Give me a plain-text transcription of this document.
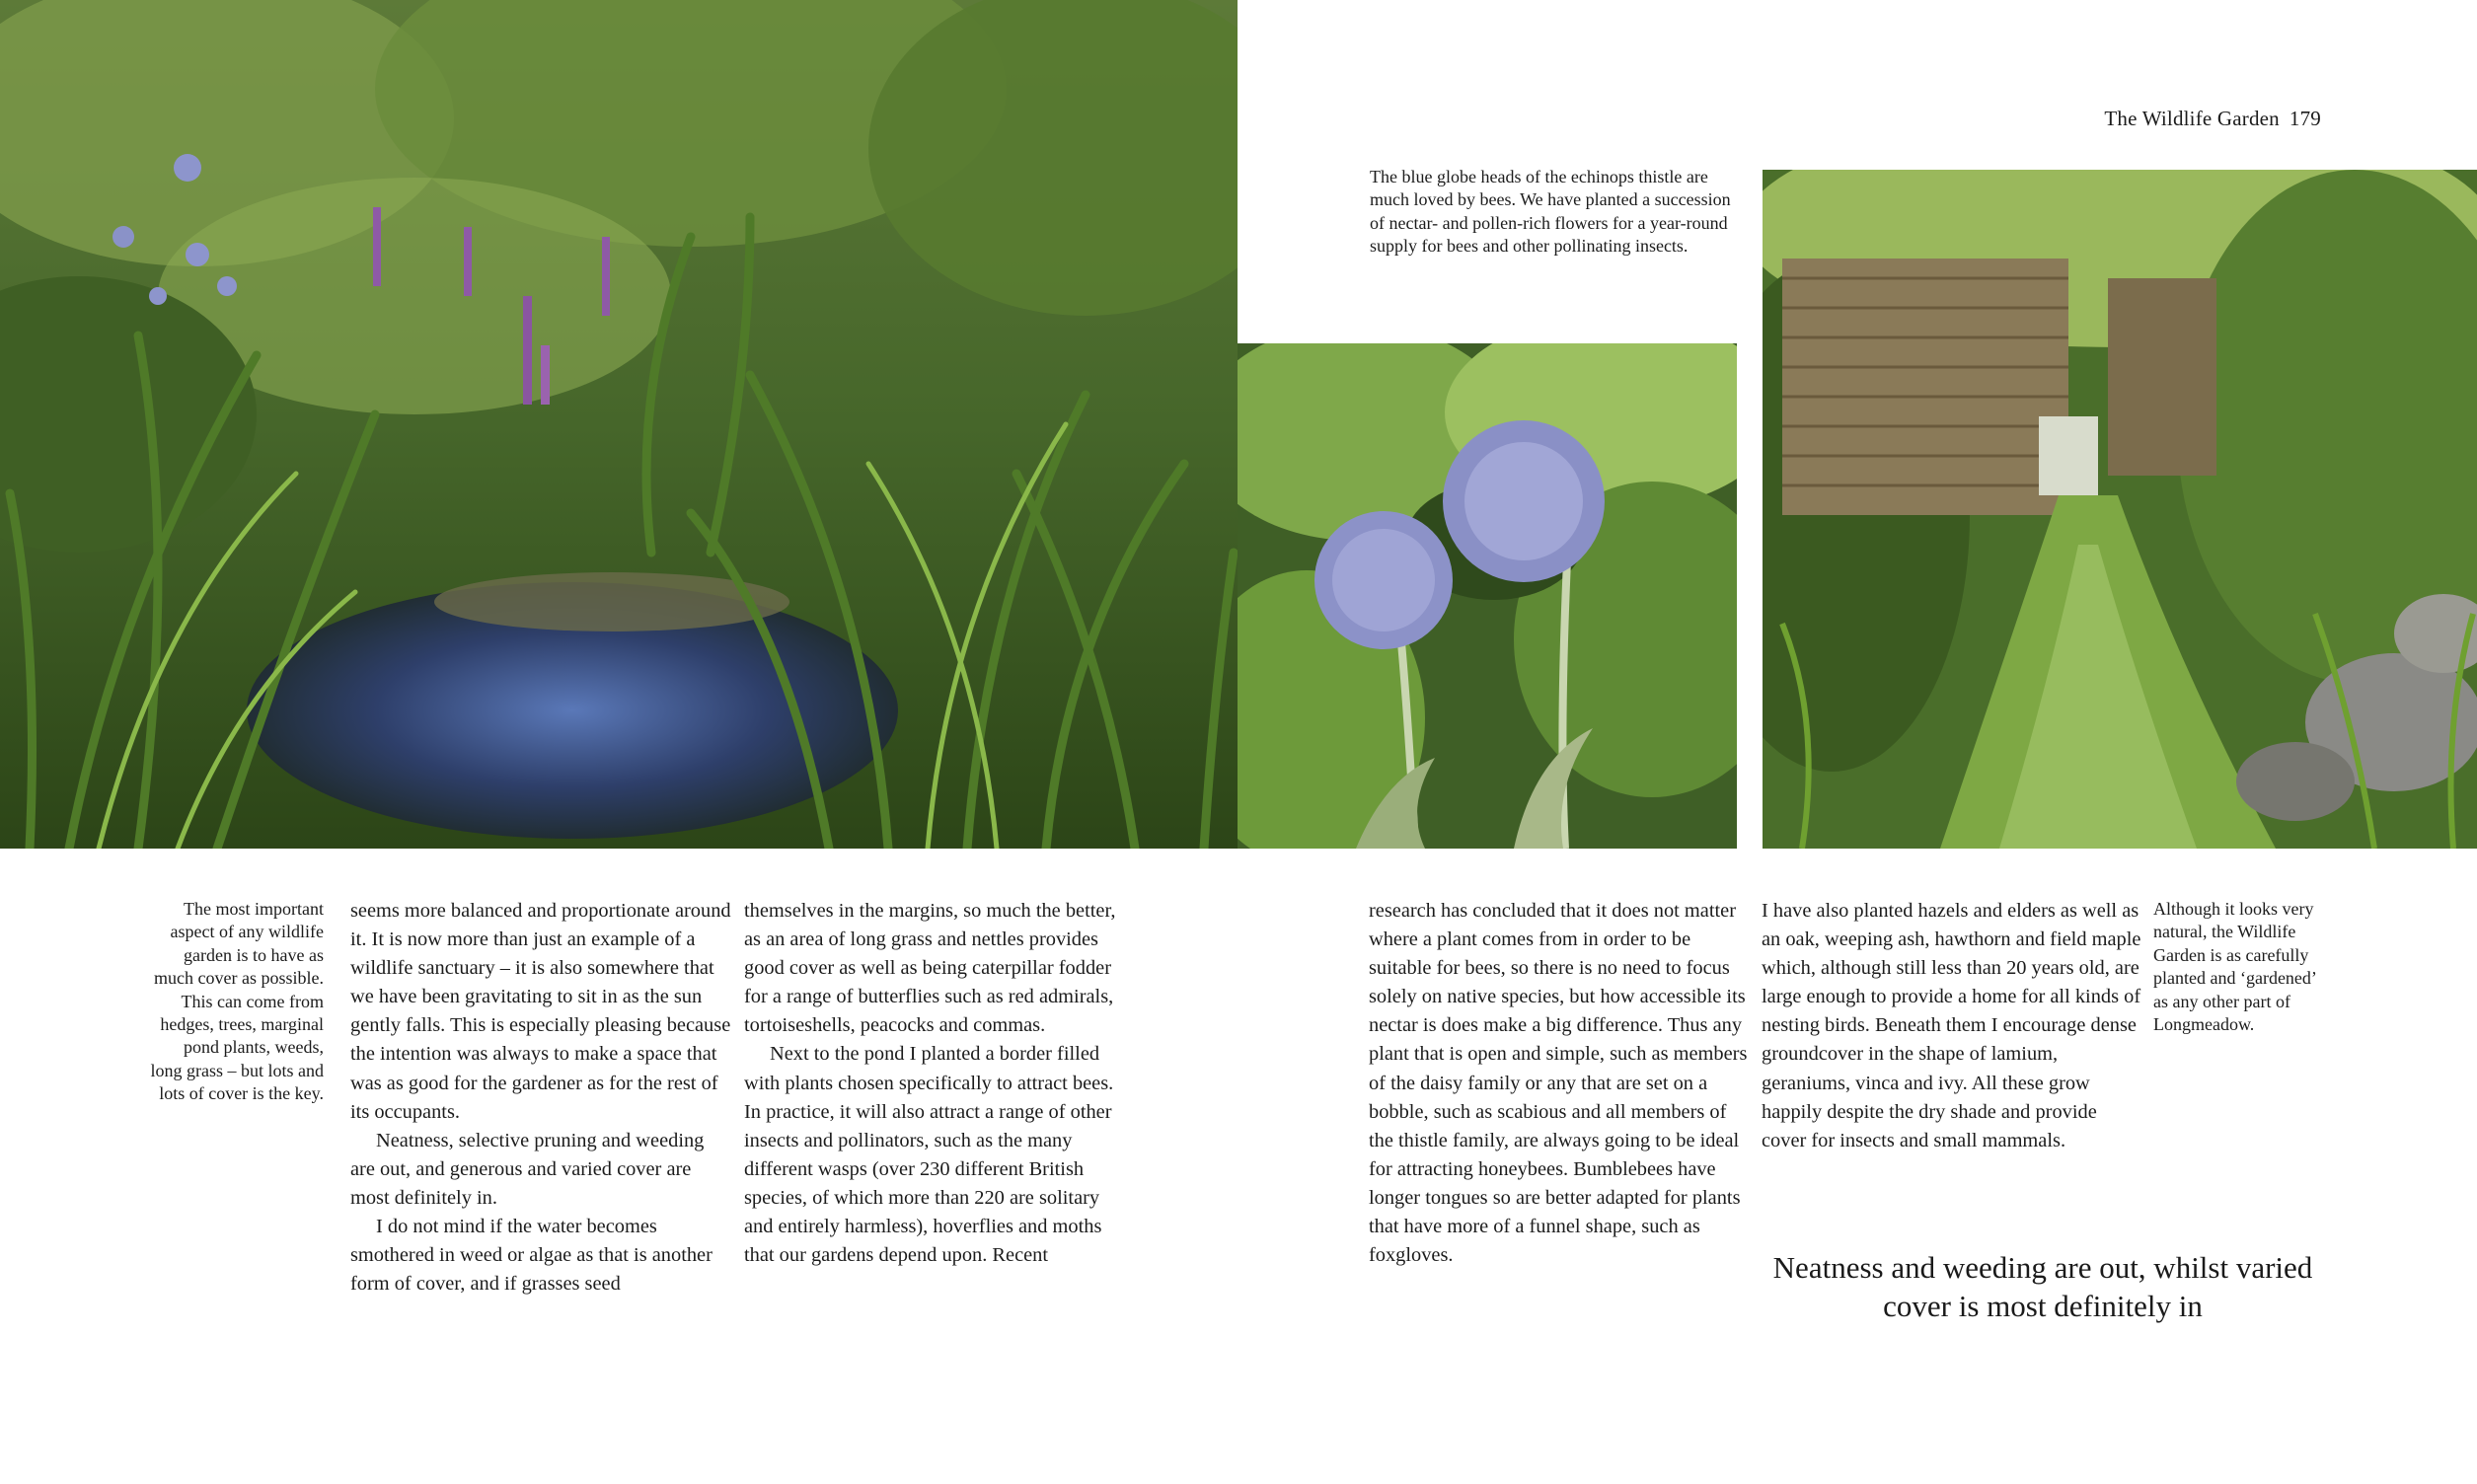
The Wildlife Garden 179
The blue globe heads of the echinops thistle are much loved by bees. We have planted a succession of nectar- and pollen-rich flowers for a year-round supply for bees and other pollinating insects.
The most important aspect of any wildlife garden is to have as much cover as possible. This can come from hedges, trees, marginal pond plants, weeds, long grass – but lots and lots of cover is the key.
Although it looks very natural, the Wildlife Garden is as carefully planted and ‘gardened’ as any other part of Longmeadow.

seems more balanced and proportionate around it. It is now more than just an example of a wildlife sanctuary – it is also somewhere that we have been gravitating to sit in as the sun gently falls. This is especially pleasing because the intention was always to make a space that was as good for the gardener as for the rest of its occupants.

Neatness, selective pruning and weeding are out, and generous and varied cover are most definitely in.

I do not mind if the water becomes smothered in weed or algae as that is another form of cover, and if grasses seed

themselves in the margins, so much the better, as an area of long grass and nettles provides good cover as well as being caterpillar fodder for a range of butterflies such as red admirals, tortoiseshells, peacocks and commas.

Next to the pond I planted a border filled with plants chosen specifically to attract bees. In practice, it will also attract a range of other insects and pollinators, such as the many different wasps (over 230 different British species, of which more than 220 are solitary and entirely harmless), hoverflies and moths that our gardens depend upon. Recent

research has concluded that it does not matter where a plant comes from in order to be suitable for bees, so there is no need to focus solely on native species, but how accessible its nectar is does make a big difference. Thus any plant that is open and simple, such as members of the daisy family or any that are set on a bobble, such as scabious and all members of the thistle family, are always going to be ideal for attracting honeybees. Bumblebees have longer tongues so are better adapted for plants that have more of a funnel shape, such as foxgloves.

I have also planted hazels and elders as well as an oak, weeping ash, hawthorn and field maple which, although still less than 20 years old, are large enough to provide a home for all kinds of nesting birds. Beneath them I encourage dense groundcover in the shape of lamium, geraniums, vinca and ivy. All these grow happily despite the dry shade and provide cover for insects and small mammals.

Neatness and weeding are out, whilst varied cover is most definitely in
